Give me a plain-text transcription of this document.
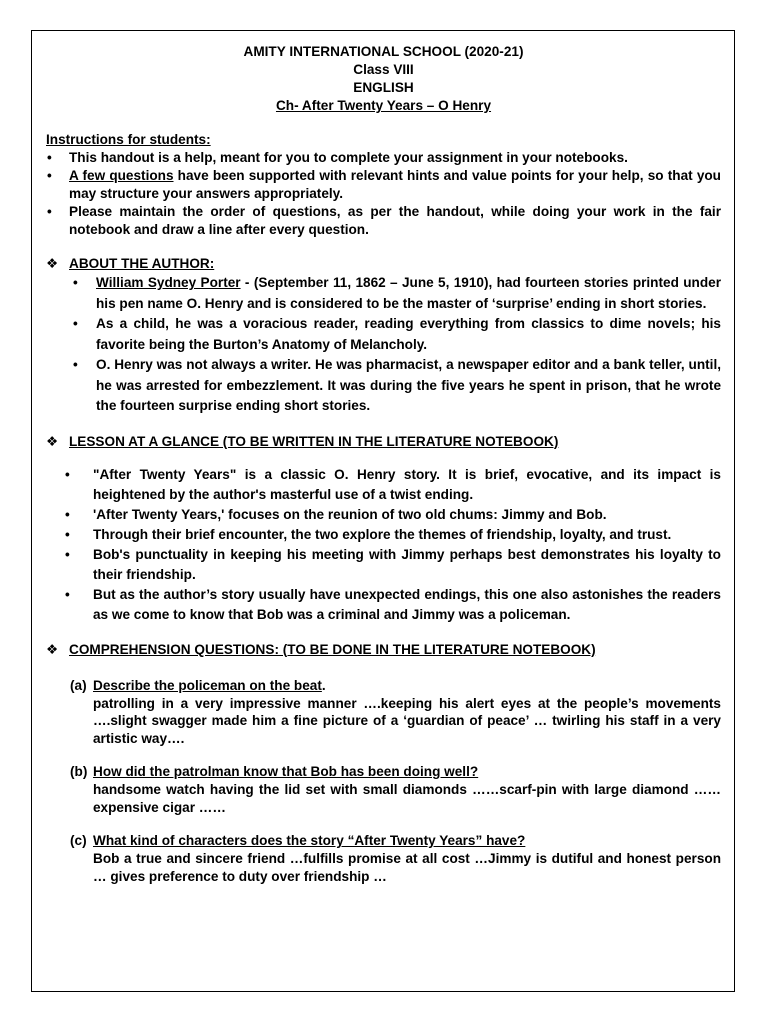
AMITY INTERNATIONAL SCHOOL (2020-21)
Class VIII
ENGLISH
Ch- After Twenty Years – O Henry
Instructions for students:
• This handout is a help, meant for you to complete your assignment in your notebooks.
• A few questions have been supported with relevant hints and value points for your help, so that you may structure your answers appropriately.
• Please maintain the order of questions, as per the handout, while doing your work in the fair notebook and draw a line after every question.
❖ ABOUT THE AUTHOR:
• William Sydney Porter - (September 11, 1862 – June 5, 1910), had fourteen stories printed under his pen name O. Henry and is considered to be the master of ‘surprise’ ending in short stories.
• As a child, he was a voracious reader, reading everything from classics to dime novels; his favorite being the Burton’s Anatomy of Melancholy.
• O. Henry was not always a writer. He was pharmacist, a newspaper editor and a bank teller, until, he was arrested for embezzlement. It was during the five years he spent in prison, that he wrote the fourteen surprise ending short stories.
❖ LESSON AT A GLANCE (TO BE WRITTEN IN THE LITERATURE NOTEBOOK)
• "After Twenty Years" is a classic O. Henry story. It is brief, evocative, and its impact is heightened by the author's masterful use of a twist ending.
• 'After Twenty Years,' focuses on the reunion of two old chums: Jimmy and Bob.
• Through their brief encounter, the two explore the themes of friendship, loyalty, and trust.
• Bob's punctuality in keeping his meeting with Jimmy perhaps best demonstrates his loyalty to their friendship.
• But as the author’s story usually have unexpected endings, this one also astonishes the readers as we come to know that Bob was a criminal and Jimmy was a policeman.
❖ COMPREHENSION QUESTIONS: (TO BE DONE IN THE LITERATURE NOTEBOOK)
(a) Describe the policeman on the beat.
patrolling in a very impressive manner ….keeping his alert eyes at the people’s movements ….slight swagger made him a fine picture of a ‘guardian of peace’ … twirling his staff in a very artistic way….
(b) How did the patrolman know that Bob has been doing well?
handsome watch having the lid set with small diamonds ……scarf-pin with large diamond …… expensive cigar ……
(c) What kind of characters does the story “After Twenty Years” have?
Bob a true and sincere friend …fulfills promise at all cost …Jimmy is dutiful and honest person … gives preference to duty over friendship …
